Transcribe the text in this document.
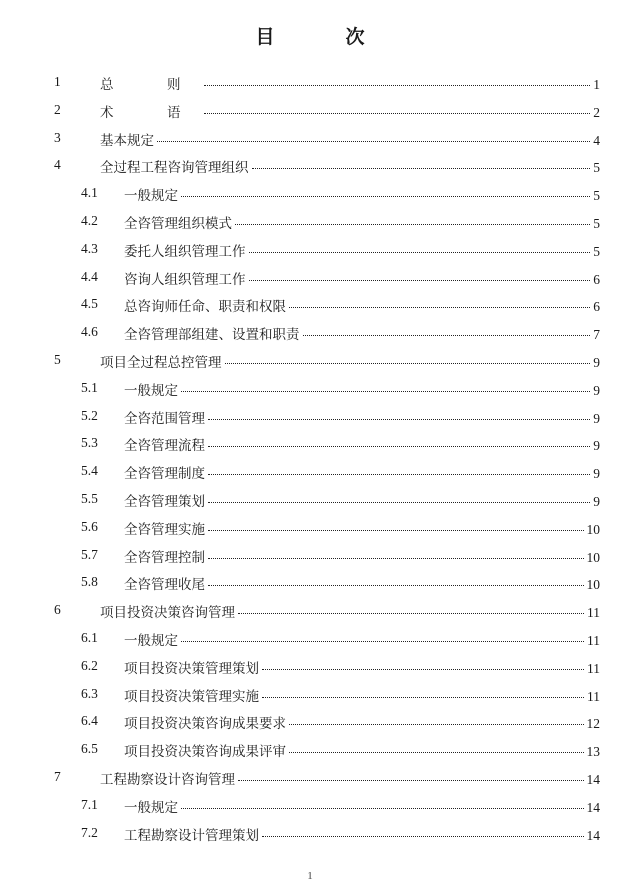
目　次
1	总　则	1
2	术　语	2
3	基本规定	4
4	全过程工程咨询管理组织	5
4.1 一般规定	5
4.2 全咨管理组织模式	5
4.3 委托人组织管理工作	5
4.4 咨询人组织管理工作	6
4.5 总咨询师任命、职责和权限	6
4.6 全咨管理部组建、设置和职责	7
5	项目全过程总控管理	9
5.1 一般规定	9
5.2 全咨范围管理	9
5.3 全咨管理流程	9
5.4 全咨管理制度	9
5.5 全咨管理策划	9
5.6 全咨管理实施	10
5.7 全咨管理控制	10
5.8 全咨管理收尾	10
6	项目投资决策咨询管理	11
6.1 一般规定	11
6.2 项目投资决策管理策划	11
6.3 项目投资决策管理实施	11
6.4 项目投资决策咨询成果要求	12
6.5 项目投资决策咨询成果评审	13
7	工程勘察设计咨询管理	14
7.1 一般规定	14
7.2 工程勘察设计管理策划	14
1
